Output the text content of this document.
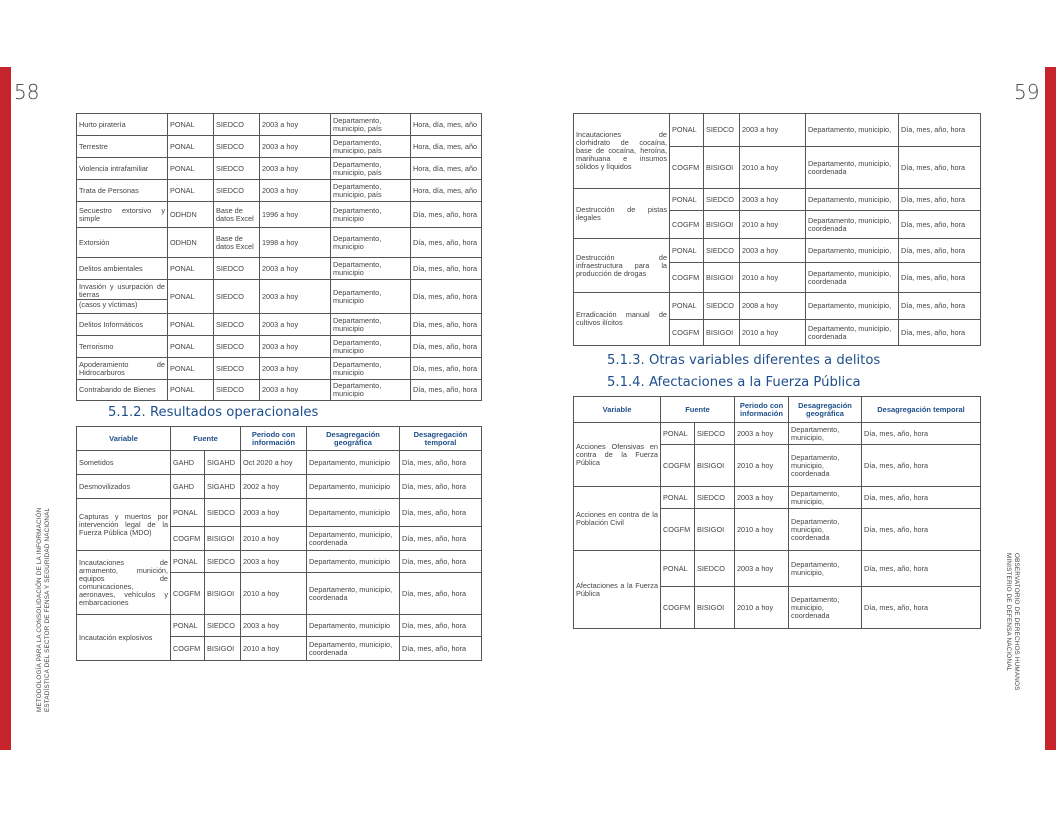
58	59
METODOLOGÍA PARA LA CONSOLIDACIÓN DE LA INFORMACIÓN ESTADÍSTICA DEL SECTOR DE FENSA Y SEGURIDAD NACIONAL	OBSERVATORIO DE DERECHOS HUMANOS
MINISTERIO DE DEFENSA NACIONAL
5.1.2. Resultados operacionales
5.1.3. Otras variables diferentes a delitos
5.1.4. Afectaciones a la Fuerza Pública
Hurto piratería	PONAL	SIEDCO	2003 a hoy	Departamento, municipio, país	Hora, día, mes, año
Terrestre	PONAL	SIEDCO	2003 a hoy	Departamento, municipio, país	Hora, día, mes, año
Violencia intrafamiliar	PONAL	SIEDCO	2003 a hoy	Departamento, municipio, país	Hora, día, mes, año
Trata de Personas	PONAL	SIEDCO	2003 a hoy	Departamento, municipio, país	Hora, día, mes, año
Secuestro extorsivo y simple	ODHDN	Base de datos Excel	1996 a hoy	Departamento, municipio	Día, mes, año, hora
Extorsión	ODHDN	Base de datos Excel	1998 a hoy	Departamento, municipio	Día, mes, año, hora
Delitos ambientales	PONAL	SIEDCO	2003 a hoy	Departamento, municipio	Día, mes, año, hora

Invasión y usurpación de tierras
(casos y víctimas)	PONAL	SIEDCO	2003 a hoy	Departamento, municipio	Día, mes, año, hora
Delitos Informáticos	PONAL	SIEDCO	2003 a hoy	Departamento, municipio	Día, mes, año, hora
Terrorismo	PONAL	SIEDCO	2003 a hoy	Departamento, municipio	Día, mes, año, hora
Apoderamiento de Hidrocarburos	PONAL	SIEDCO	2003 a hoy	Departamento, municipio	Día, mes, año, hora
Contrabando de Bienes	PONAL	SIEDCO	2003 a hoy	Departamento, municipio	Día, mes, año, hora
Variable	Fuente		Periodo con información	Desagregación geográfica	Desagregación temporal
Sometidos	GAHD	SIGAHD	Oct 2020 a hoy	Departamento, municipio	Día, mes, año, hora
Desmovilizados	GAHD	SIGAHD	2002 a hoy	Departamento, municipio	Día, mes, año, hora
Capturas y muertos por intervención legal de la Fuerza Pública (MDO)	PONAL	SIEDCO	2003 a hoy	Departamento, municipio	Día, mes, año, hora
	COGFM	BISIGOI	2010 a hoy	Departamento, municipio, coordenada	Día, mes, año, hora
Incautaciones de armamento, munición, equipos de comunicaciones, aeronaves, vehículos y embarcaciones	PONAL	SIEDCO	2003 a hoy	Departamento, municipio	Día, mes, año, hora
	COGFM	BISIGOI	2010 a hoy	Departamento, municipio, coordenada	Día, mes, año, hora
Incautación explosivos	PONAL	SIEDCO	2003 a hoy	Departamento, municipio	Día, mes, año, hora
	COGFM	BISIGOI	2010 a hoy	Departamento, municipio, coordenada	Día, mes, año, hora
Incautaciones de clorhidrato de cocaína, base de cocaína, heroína, marihuana e insumos sólidos y líquidos	PONAL	SIEDCO	2003 a hoy	Departamento, municipio,	Día, mes, año, hora
	COGFM	BISIGOI	2010 a hoy	Departamento, municipio, coordenada	Día, mes, año, hora
Destrucción de pistas ilegales	PONAL	SIEDCO	2003 a hoy	Departamento, municipio,	Día, mes, año, hora
	COGFM	BISIGOI	2010 a hoy	Departamento, municipio, coordenada	Día, mes, año, hora
Destrucción de infraestructura para la producción de drogas	PONAL	SIEDCO	2003 a hoy	Departamento, municipio,	Día, mes, año, hora
	COGFM	BISIGOI	2010 a hoy	Departamento, municipio, coordenada	Día, mes, año, hora
Erradicación manual de cultivos ilícitos	PONAL	SIEDCO	2008 a hoy	Departamento, municipio,	Día, mes, año, hora
	COGFM	BISIGOI	2010 a hoy	Departamento, municipio, coordenada	Día, mes, año, hora
Variable	Fuente		Periodo con información	Desagregación geográfica	Desagregación temporal
Acciones Ofensivas en contra de la Fuerza Pública	PONAL	SIEDCO	2003 a hoy	Departamento, municipio,	Día, mes, año, hora
	COGFM	BISIGOI	2010 a hoy	Departamento, municipio, coordenada	Día, mes, año, hora
Acciones en contra de la Población Civil	PONAL	SIEDCO	2003 a hoy	Departamento, municipio,	Día, mes, año, hora
	COGFM	BISIGOI	2010 a hoy	Departamento, municipio, coordenada	Día, mes, año, hora
Afectaciones a la Fuerza Pública	PONAL	SIEDCO	2003 a hoy	Departamento, municipio,	Día, mes, año, hora
	COGFM	BISIGOI	2010 a hoy	Departamento, municipio, coordenada	Día, mes, año, hora
